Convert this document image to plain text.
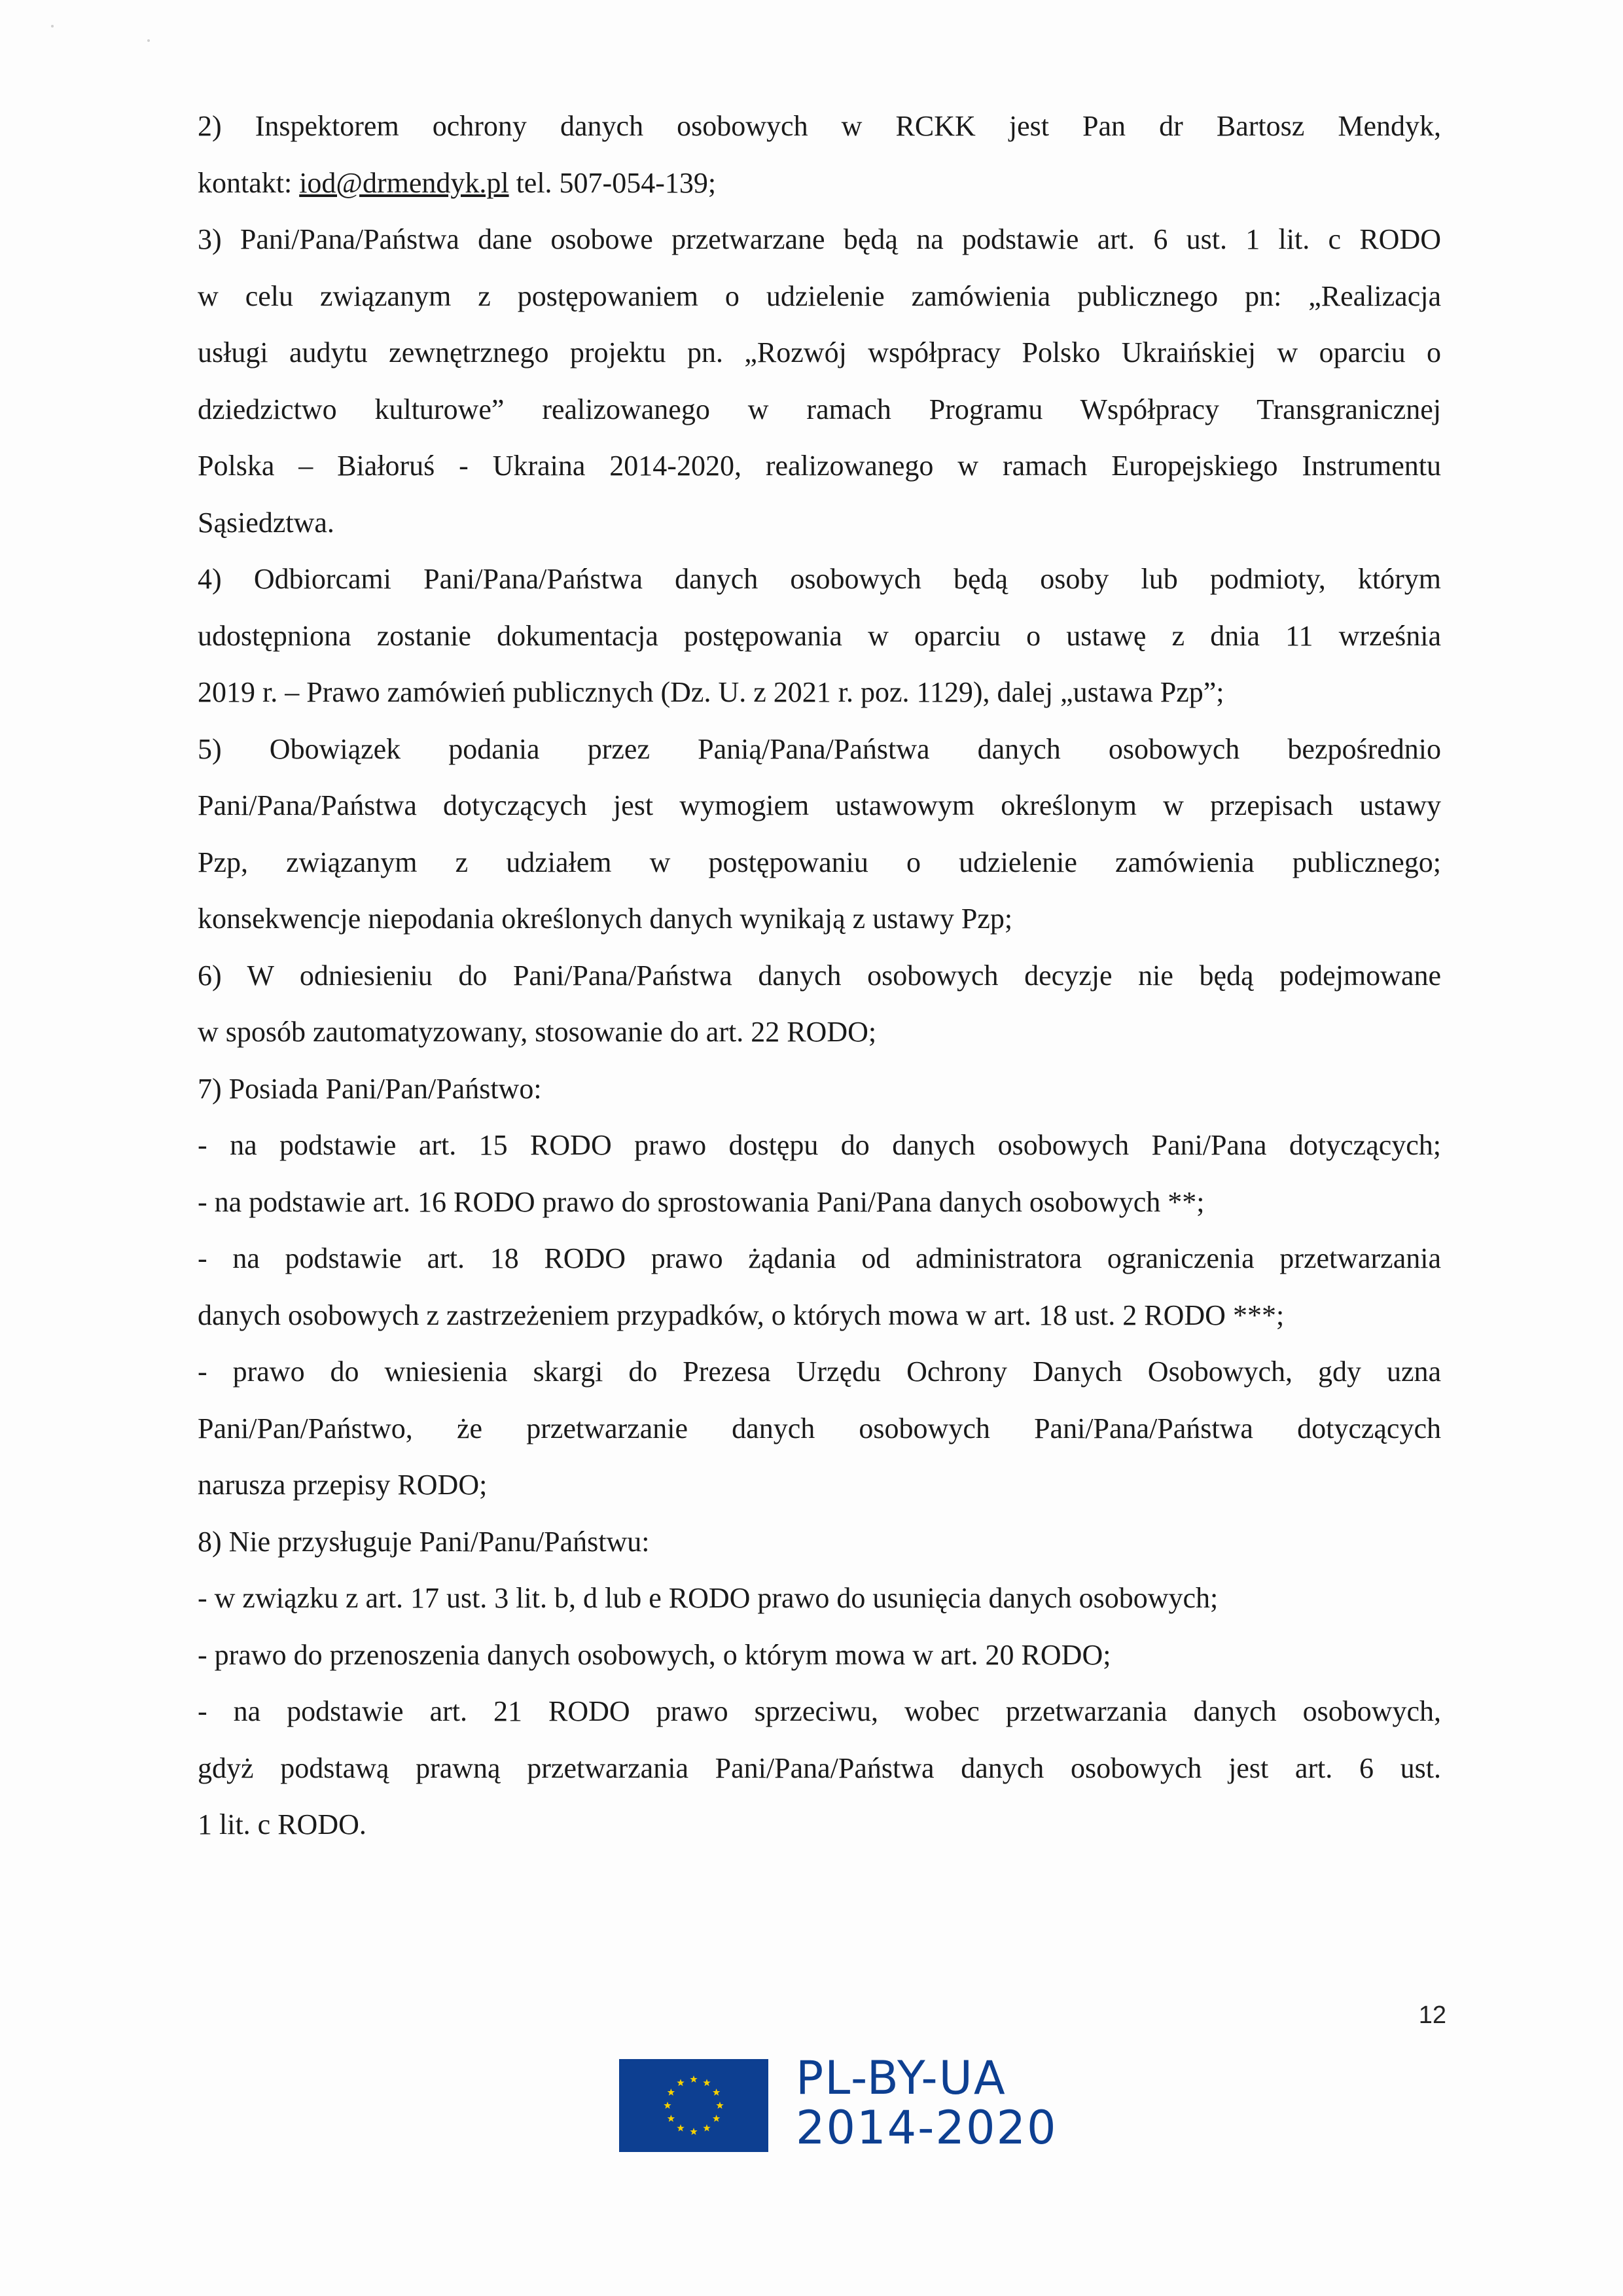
2) Inspektorem ochrony danych osobowych w RCKK jest Pan dr Bartosz Mendyk,
kontakt: iod@drmendyk.pl tel. 507-054-139;
3) Pani/Pana/Państwa dane osobowe przetwarzane będą na podstawie art. 6 ust. 1 lit. c RODO
w celu związanym z postępowaniem o udzielenie zamówienia publicznego pn: „Realizacja
usługi audytu zewnętrznego projektu pn. „Rozwój współpracy Polsko Ukraińskiej w oparciu o
dziedzictwo kulturowe” realizowanego w ramach Programu Współpracy Transgranicznej
Polska – Białoruś - Ukraina 2014-2020, realizowanego w ramach Europejskiego Instrumentu
Sąsiedztwa.
4) Odbiorcami Pani/Pana/Państwa danych osobowych będą osoby lub podmioty, którym
udostępniona zostanie dokumentacja postępowania w oparciu o ustawę z dnia 11 września
2019 r. – Prawo zamówień publicznych (Dz. U. z 2021 r. poz. 1129), dalej „ustawa Pzp”;
5) Obowiązek podania przez Panią/Pana/Państwa danych osobowych bezpośrednio
Pani/Pana/Państwa dotyczących jest wymogiem ustawowym określonym w przepisach ustawy
Pzp, związanym z udziałem w postępowaniu o udzielenie zamówienia publicznego;
konsekwencje niepodania określonych danych wynikają z ustawy Pzp;
6) W odniesieniu do Pani/Pana/Państwa danych osobowych decyzje nie będą podejmowane
w sposób zautomatyzowany, stosowanie do art. 22 RODO;
7) Posiada Pani/Pan/Państwo:
- na podstawie art. 15 RODO prawo dostępu do danych osobowych Pani/Pana dotyczących;
- na podstawie art. 16 RODO prawo do sprostowania Pani/Pana danych osobowych **;
- na podstawie art. 18 RODO prawo żądania od administratora ograniczenia przetwarzania
danych osobowych z zastrzeżeniem przypadków, o których mowa w art. 18 ust. 2 RODO ***;
- prawo do wniesienia skargi do Prezesa Urzędu Ochrony Danych Osobowych, gdy uzna
Pani/Pan/Państwo, że przetwarzanie danych osobowych Pani/Pana/Państwa dotyczących
narusza przepisy RODO;
8) Nie przysługuje Pani/Panu/Państwu:
- w związku z art. 17 ust. 3 lit. b, d lub e RODO prawo do usunięcia danych osobowych;
- prawo do przenoszenia danych osobowych, o którym mowa w art. 20 RODO;
- na podstawie art. 21 RODO prawo sprzeciwu, wobec przetwarzania danych osobowych,
gdyż podstawą prawną przetwarzania Pani/Pana/Państwa danych osobowych jest art. 6 ust.
1 lit. c RODO.
12
PL-BY-UA
2014-2020
